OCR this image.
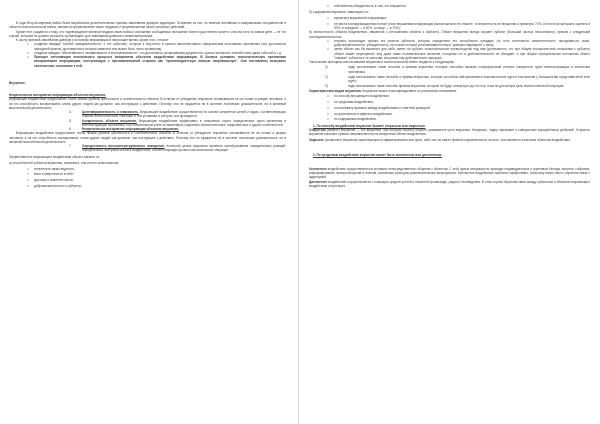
В годы Второй мировой войны были выработаны дополнительные приемы завоевания доверия аудитории. Основные из них, по мнению английских и американских специалистов в области психологической войны, являются преувеличение своих неудачах и преуменьшение своих успешных действий.

Кроме этот создается к тому, что подтверждение военной неудачи своих войск и изложение сообщаемых положение более существенно усилен, чем она есть на самом деле — не тот случай, который не должен улучшить пропагандист для завоевания доверия к своим материалам.

К числу приемов завоевания доверия к источнику информации в настоящее время, кроме того, относят:

□ создание имиджа "особой осведомленности" о тех событиях, которые к ому-нечто в причин заинтересовали официальным источником противника (это достигается передачей фактов, достоверность которых известна или может быть легко проверена);
□ создание имиджа "объективности, независимости и альтернативности"; это достигается цитированием документов, оценок экспертов, мнений очень даже событий и т.д.
□ Принцип легитимации психического процесса восприятия объектом воздействия информации. В боевых условиях психологическую противника воспринимают информацию, поступающую с противоположной стороны как "пропагандистскую ложную неправильную". Они поставлены вызывать скептическое отношение к ней.

Внушение.

Некритическое восприятие информации объектом внушения.

Внушающее воздействие предполагает очень низкий уровень критичности и сознательности объекта. В отличие от убеждения, внушение основывается не на логике и разуме человека, а на его способность воспринимать слова других людей как должное, как инструкцию к действию. Поэтому оно не нуждается ни в системе логических доказательств, ни в активной мыслительной деятельности.

4.	Целенаправленность и плановость. Внушающее воздействие осуществляется на основе конкретных целей и задач, соответствующих планам психологических операций и тем условиям, в которых они проводятся.
5.	Конкретность объекта внушения. Внушающее воздействие эффективно в отношении строго определенных групп населения и военнослужащих противника, при обязательном учете их важнейших социально-психологических, национальных и других особенностей.
6.	Некритическое восприятие информации объектом внушения.

Внушающее воздействие предполагает очень низкий уровень критичности и сознательности объекта. В отличие от убеждения, внушение основывается не на логике и разуме человека, а на его способность воспринимать слова других людей как должное, как инструкцию к действию. Поэтому оно не нуждается ни в системе логических доказательств, ни в активной мыслительной деятельности.

7.	Опредленность внешнеперегруппового поведения. Конечной целью внушения является преобразование определенных реакций, определенных поступков объекта воздействия, соответствующих целям психологической операции.

Эффективность внушающего воздействия обычно зависит от:

а) способностей субъекта внушения, связанных, тем или по качествам как:

□ интеллекта также видность;
□ воли и уверенности в себе;
□ кругозор и компетентность;
□ доброжелательность к субъекту;
□ собственная убежденность в том, что внушается.

б) содержания внушения, зависящего от:

□ характера внушаемой информации;
□ ее места в информационном потоке (если внушаемая информация расположена в его начале, то вероятность ее внушения а примерно 70%, а если в конце можно оценить в 50%, в середине — в 30%, а конце — в 70%);

в) личностности объекта воздействия, связанной с отношением объекта к субъекту. Объект внушения всегда изучает субъект (больший частью неосознанно), причем с следующей последовательностью:

□ сначала происходит оценка тех качеств субъекта, которые определяют его способность нападать (то есть интеллекта, компетентности, находчивости, воли, доброжелательности, убежденности), на основе которой устанавливается мера "доверия-недоверия" к нему;
□ затем объект как бы выясняет для себя, имеет ли субъект психологическое превосходство над ним (установлено, что при общем положительном отношении к субъекту объект может переоценить ему даже такие положительные качества, которыми тот в действительности не обладает, а при общем отрицательном отношении объект "наказан" субъекта и те качества, которыми ему действительно присущи).

Тактические принципы использования внушения в психологической войне сводятся к следующему:

1)	надо использовать такие способы и приемы внушения, которые способны вызвать специфический интерес конкретных групп военнослужащих и населения противника;
2)	надо использовать такие способы и приемы внушения, которые способны нейтрализовать нежелательные идеи и настроения у большинства представителей этих групп;
3)	надо использовать такие способы приемы внушения, которые не будут отвергнуты до тех пор, пока не достигнута цель психологической операции.

Характеристика видов внушения. Внушение можно классифицировать по различным основаниям:

□ по способу внушающего воздействия;
□ по средствам воздействия;
□ по интервалу времени между воздействием и ответной реакцией;
□ по длительности эффекта воздействия;
□ по содержанию воздействия.

1. По способу воздействия внушение бывает открытым или закрытым.

Открытым (прямое) внушение — это внушение, при котором объекту открыто указывается цель внушения. Например, лидер призывает к совершению определённых действий. Открытое внушение означает прямой направленности на конкретный объект воздействия.

Закрытое (косвенное) внушение характеризуется завуалированностью цели, либо оно не имеет прямой направленности на него, хотя является конечным объектом воздействия.

2. По средствам воздействия внушение может быть контактным или дистантным.

Контактное воздействие осуществляется в условиях непосредственного общения с объектом. С этой целью специалисты проводят индивидуальные и групповые беседы, митинги, собрания, информирование, вечера вопросов и ответов, различные культурно-развлекательные мероприятия. Контактное воздействие наиболее эффективно, поскольку имеет место обратная связь с аудиторией.

Дистантное воздействие осуществляется с помощью средств устной и печатной пропаганды, радио и телевидения. В этом случае обратная связь между субъектом и объектом внушающего воздействия отсутствует.
